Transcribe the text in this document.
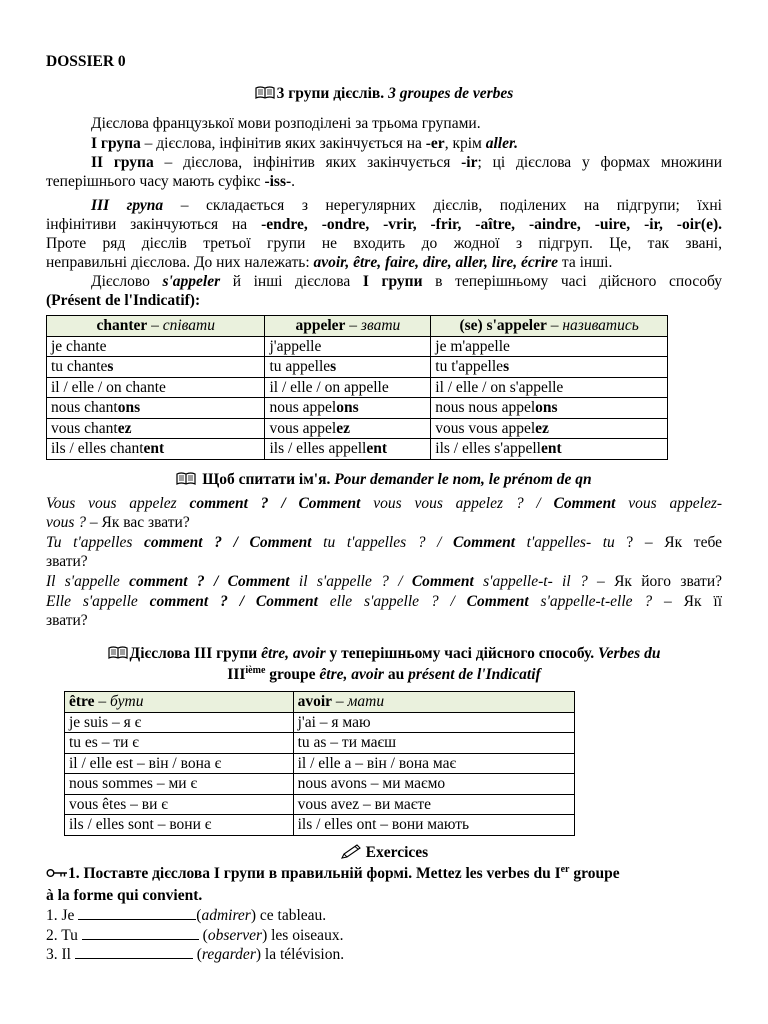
DOSSIER 0
3 групи дієслів. 3 groupes de verbes
Дієслова французької мови розподілені за трьома групами.
I група – дієслова, інфінітив яких закінчується на -er, крім aller.
II група – дієслова, інфінітив яких закінчується -ir; ці дієслова у формах множини
теперішнього часу мають суфікс -iss-.
III група – складається з нерегулярних дієслів, поділених на підгрупи; їхні
інфінітиви закінчуються на -endre, -ondre, -vrir, -frir, -aître, -aindre, -uire, -ir, -oir(e).
Проте ряд дієслів третьої групи не входить до жодної з підгруп. Це, так звані,
неправильні дієслова. До них належать: avoir, être, faire, dire, aller, lire, écrire та інші.
Дієслово s'appeler й інші дієслова I групи в теперішньому часі дійсного способу
(Présent de l'Indicatif):
chanter – співати	appeler – звати	(se) s'appeler – називатись
je chante	j'appelle	je m'appelle
tu chantes	tu appelles	tu t'appelles
il / elle / on chante	il / elle / on appelle	il / elle / on s'appelle
nous chantons	nous appelons	nous nous appelons
vous chantez	vous appelez	vous vous appelez
ils / elles chantent	ils / elles appellent	ils / elles s'appellent
Щоб спитати ім'я. Pour demander le nom, le prénom de qn
Vous vous appelez comment ? / Comment vous vous appelez ? / Comment vous appelez-
vous ? – Як вас звати?
Tu t'appelles comment ? / Comment tu t'appelles ? / Comment t'appelles- tu ? – Як тебе
звати?
Il s'appelle comment ? / Comment il s'appelle ? / Comment s'appelle-t- il ? – Як його звати?
Elle s'appelle comment ? / Comment elle s'appelle ? / Comment s'appelle-t-elle ? – Як її
звати?
Дієслова III групи être, avoir у теперішньому часі дійсного способу. Verbes du
IIIième groupe être, avoir au présent de l'Indicatif
être – бути	avoir – мати
je suis – я є	j'ai – я маю
tu es – ти є	tu as – ти маєш
il / elle est – він / вона є	il / elle a – він / вона має
nous sommes – ми є	nous avons – ми маємо
vous êtes – ви є	vous avez – ви маєте
ils / elles sont – вони є	ils / elles ont – вони мають
Exercices
1. Поставте дієслова I групи в правильній формі. Mettez les verbes du Ier groupe
à la forme qui convient.
1. Je	(admirer) ce tableau.
2. Tu	(observer) les oiseaux.
3. Il	(regarder) la télévision.
